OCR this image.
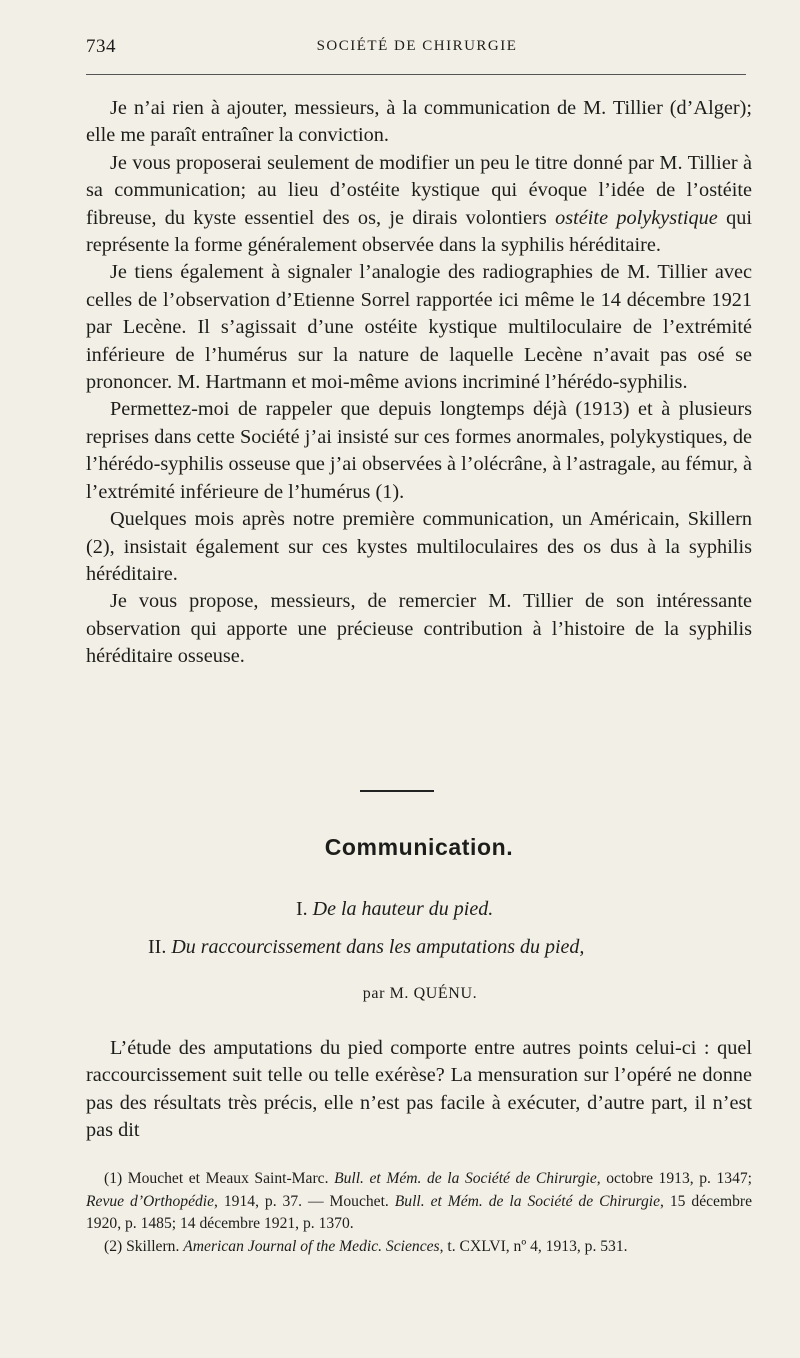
734	SOCIÉTÉ DE CHIRURGIE

Je n’ai rien à ajouter, messieurs, à la communication de M. Tillier (d’Alger); elle me paraît entraîner la conviction.

Je vous proposerai seulement de modifier un peu le titre donné par M. Tillier à sa communication; au lieu d’ostéite kystique qui évoque l’idée de l’ostéite fibreuse, du kyste essentiel des os, je dirais volontiers ostéite polykystique qui représente la forme généralement observée dans la syphilis héréditaire.

Je tiens également à signaler l’analogie des radiographies de M. Tillier avec celles de l’observation d’Etienne Sorrel rapportée ici même le 14 décembre 1921 par Lecène. Il s’agissait d’une ostéite kystique multiloculaire de l’extrémité inférieure de l’humérus sur la nature de laquelle Lecène n’avait pas osé se prononcer. M. Hartmann et moi-même avions incriminé l’hérédo-syphilis.

Permettez-moi de rappeler que depuis longtemps déjà (1913) et à plusieurs reprises dans cette Société j’ai insisté sur ces formes anormales, polykystiques, de l’hérédo-syphilis osseuse que j’ai observées à l’olécrâne, à l’astragale, au fémur, à l’extrémité inférieure de l’humérus (1).

Quelques mois après notre première communication, un Américain, Skillern (2), insistait également sur ces kystes multiloculaires des os dus à la syphilis héréditaire.

Je vous propose, messieurs, de remercier M. Tillier de son intéressante observation qui apporte une précieuse contribution à l’histoire de la syphilis héréditaire osseuse.

Communication.
I. De la hauteur du pied.
II. Du raccourcissement dans les amputations du pied,
par M. QUÉNU.

L’étude des amputations du pied comporte entre autres points celui-ci : quel raccourcissement suit telle ou telle exérèse? La mensuration sur l’opéré ne donne pas des résultats très précis, elle n’est pas facile à exécuter, d’autre part, il n’est pas dit

(1) Mouchet et Meaux Saint-Marc. Bull. et Mém. de la Société de Chirurgie, octobre 1913, p. 1347; Revue d’Orthopédie, 1914, p. 37. — Mouchet. Bull. et Mém. de la Société de Chirurgie, 15 décembre 1920, p. 1485; 14 décembre 1921, p. 1370.

(2) Skillern. American Journal of the Medic. Sciences, t. CXLVI, nº 4, 1913, p. 531.
